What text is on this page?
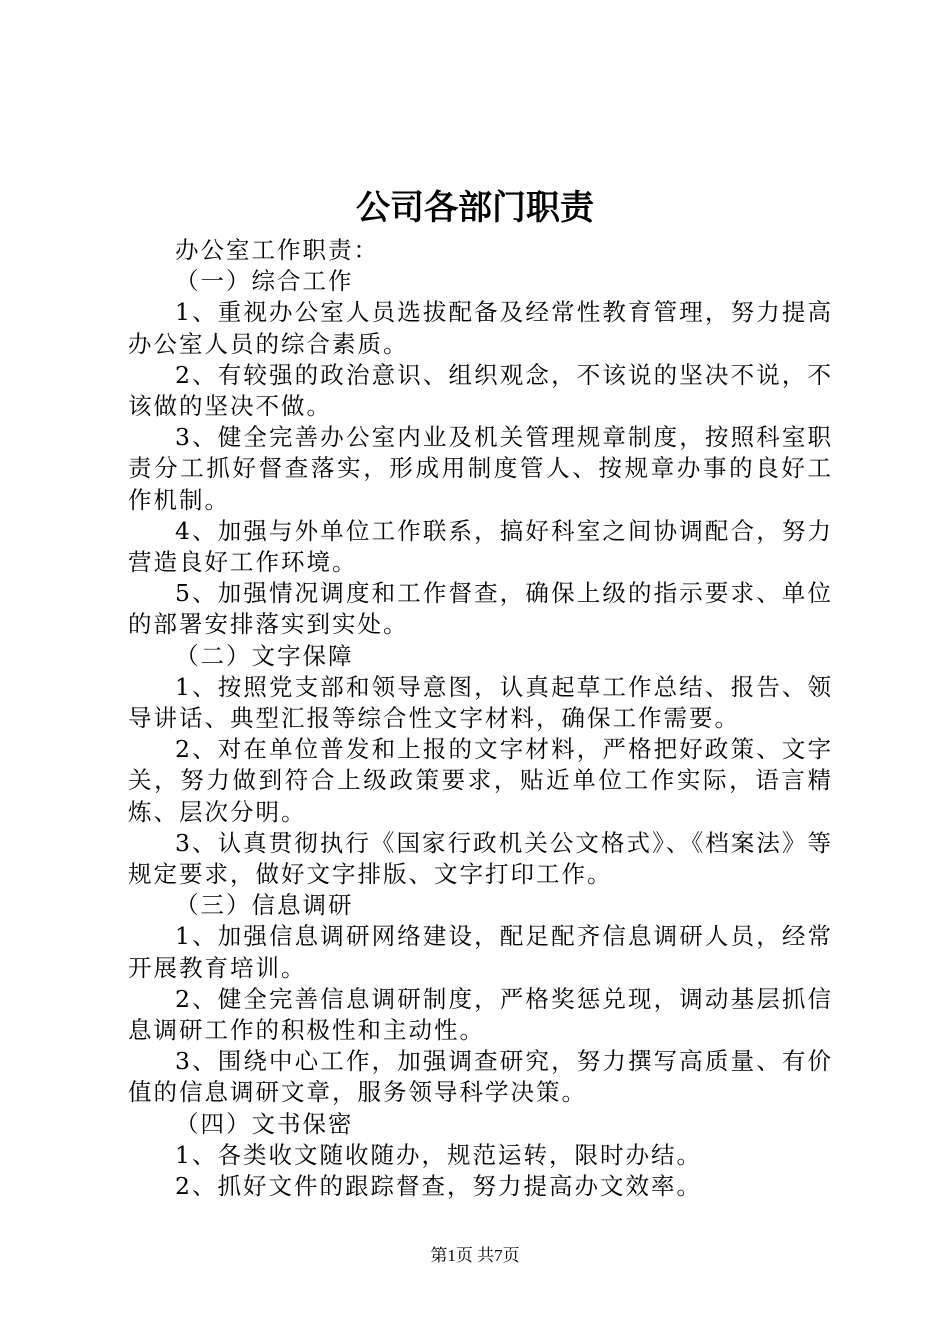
公司各部门职责

办公室工作职责：

（一）综合工作

1、重视办公室人员选拔配备及经常性教育管理，努力提高办公室人员的综合素质。

2、有较强的政治意识、组织观念，不该说的坚决不说，不该做的坚决不做。

3、健全完善办公室内业及机关管理规章制度，按照科室职责分工抓好督查落实，形成用制度管人、按规章办事的良好工作机制。

4、加强与外单位工作联系，搞好科室之间协调配合，努力营造良好工作环境。

5、加强情况调度和工作督查，确保上级的指示要求、单位的部署安排落实到实处。

（二）文字保障

1、按照党支部和领导意图，认真起草工作总结、报告、领导讲话、典型汇报等综合性文字材料，确保工作需要。

2、对在单位普发和上报的文字材料，严格把好政策、文字关，努力做到符合上级政策要求，贴近单位工作实际，语言精炼、层次分明。

3、认真贯彻执行《国家行政机关公文格式》、《档案法》等规定要求，做好文字排版、文字打印工作。

（三）信息调研

1、加强信息调研网络建设，配足配齐信息调研人员，经常开展教育培训。

2、健全完善信息调研制度，严格奖惩兑现，调动基层抓信息调研工作的积极性和主动性。

3、围绕中心工作，加强调查研究，努力撰写高质量、有价值的信息调研文章，服务领导科学决策。

（四）文书保密

1、各类收文随收随办，规范运转，限时办结。

2、抓好文件的跟踪督查，努力提高办文效率。

第1页 共7页
